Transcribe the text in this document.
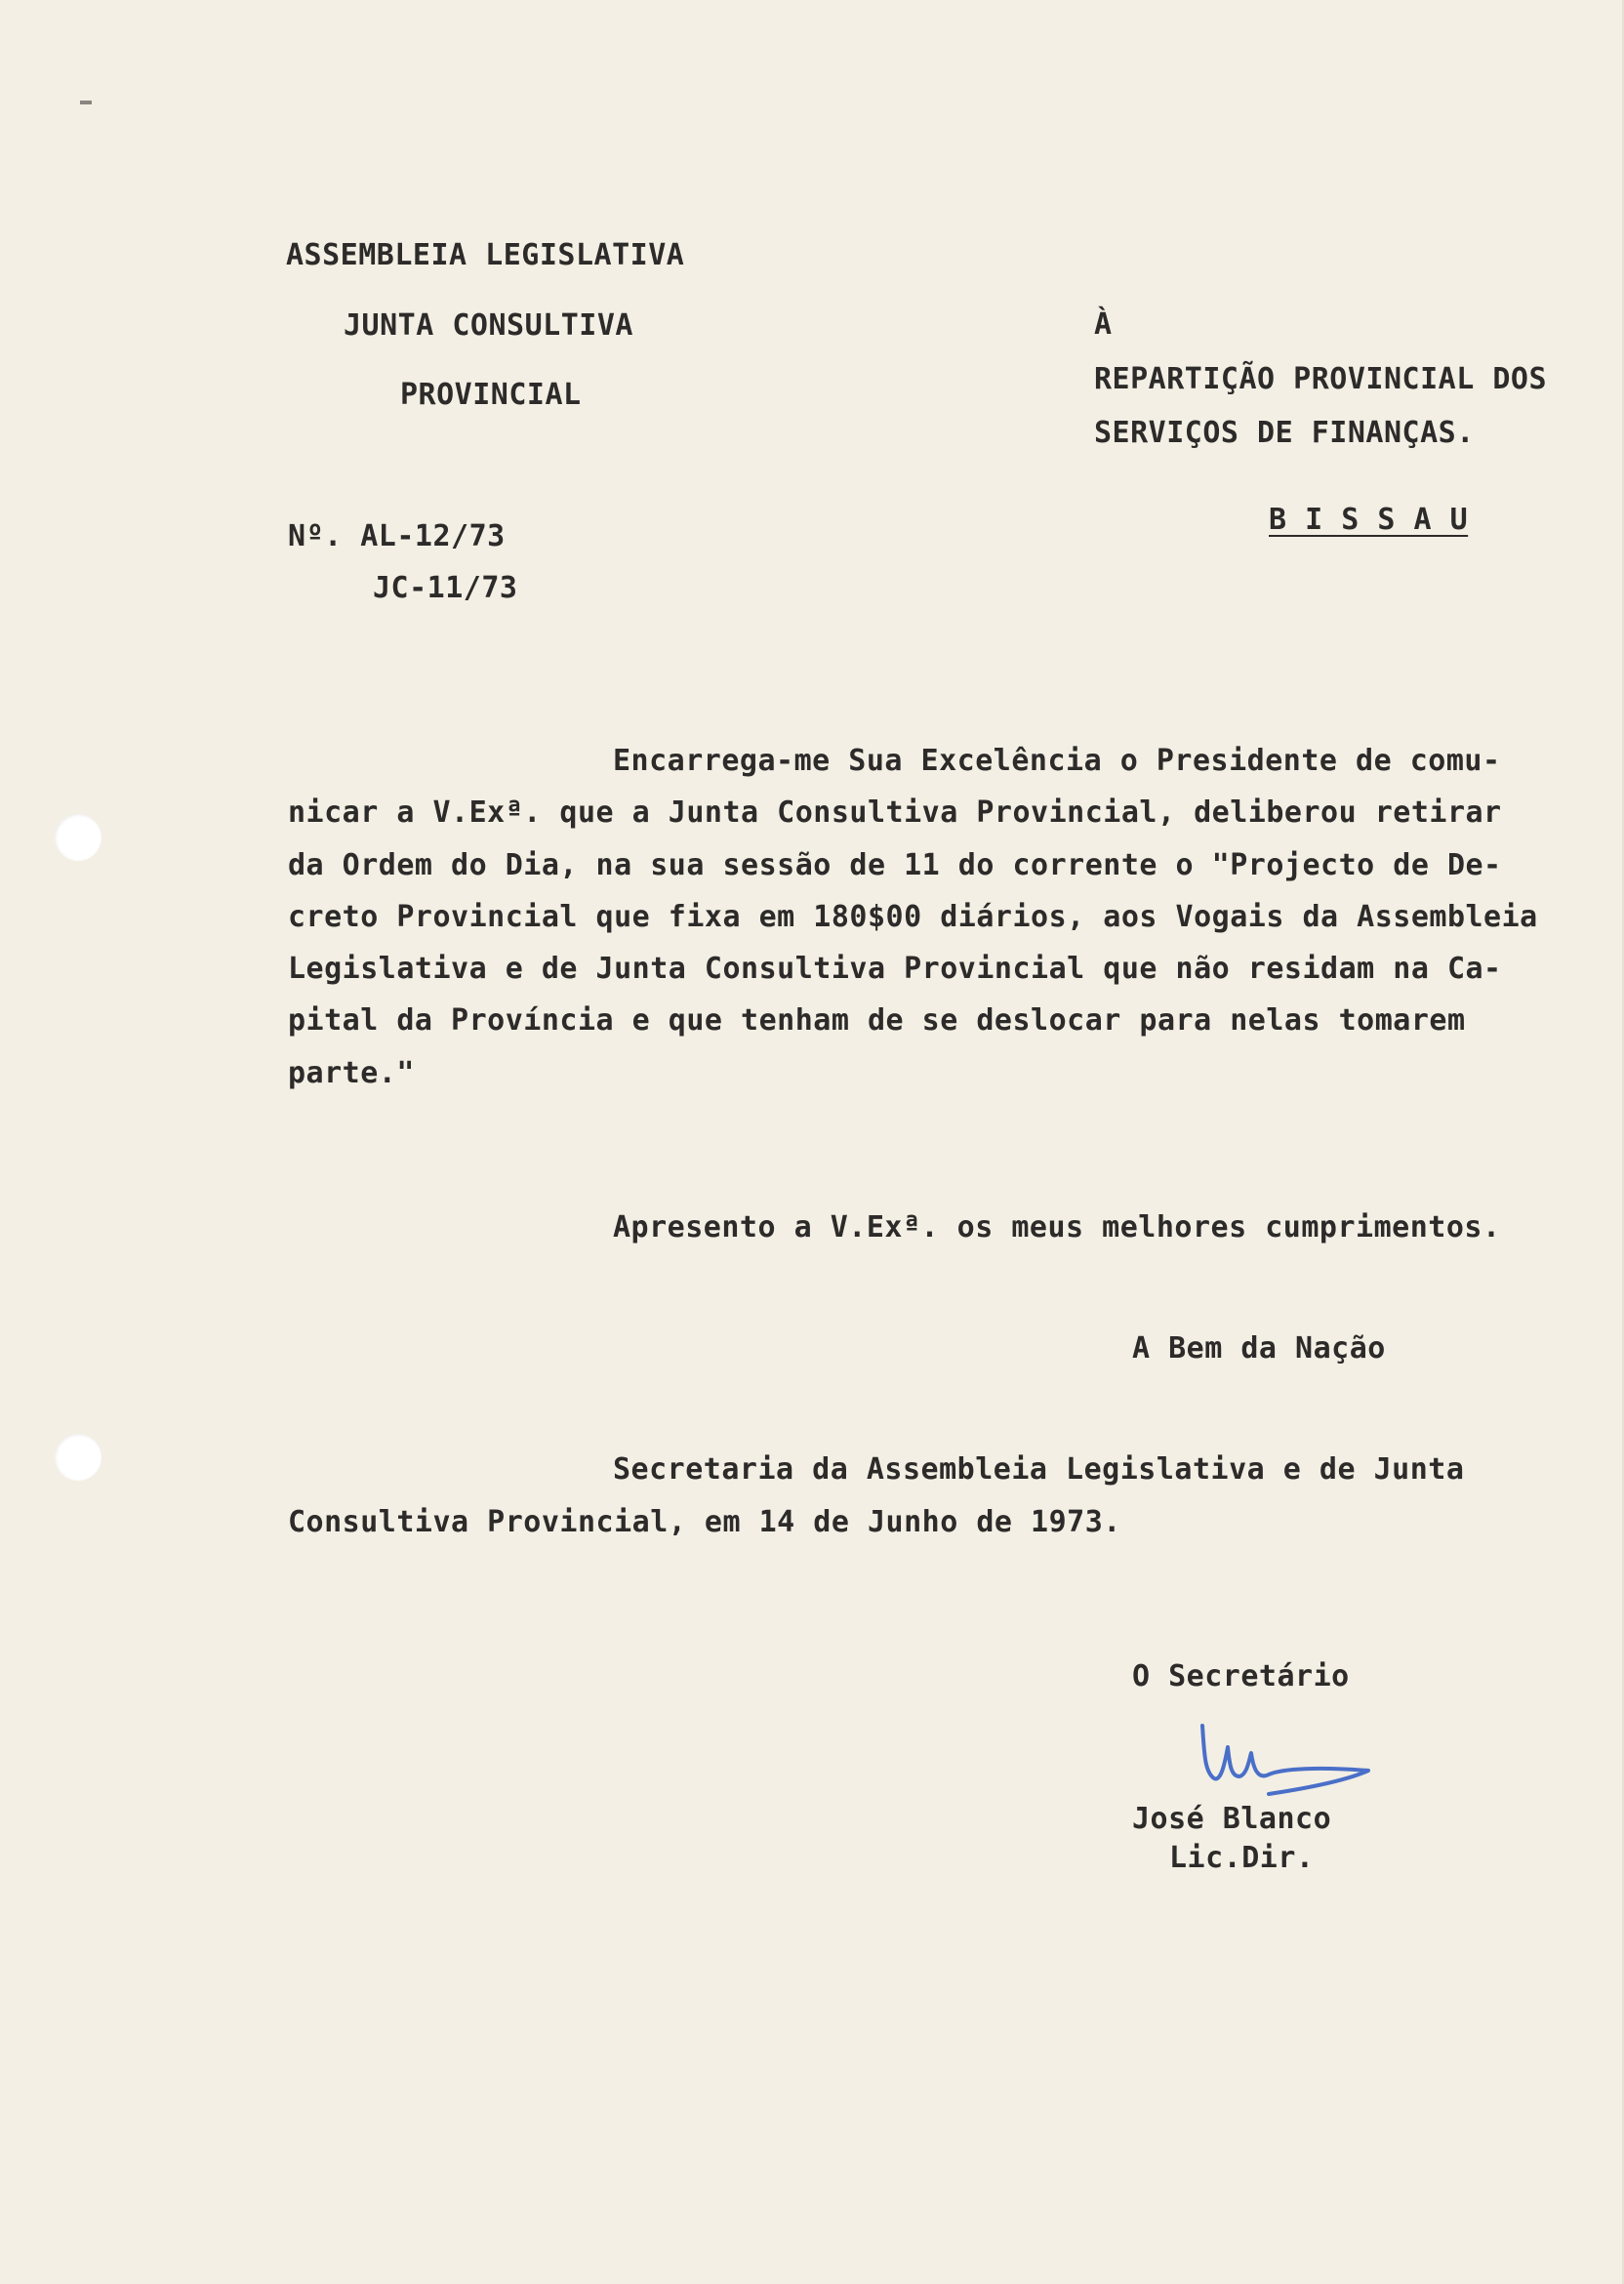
ASSEMBLEIA LEGISLATIVA

JUNTA CONSULTIVA

PROVINCIAL

Nº. AL-12/73

JC-11/73

À

REPARTIÇÃO PROVINCIAL DOS

SERVIÇOS DE FINANÇAS.

B I S S A U

Encarrega-me Sua Excelência o Presidente de comu-

nicar a V.Exª. que a Junta Consultiva Provincial, deliberou retirar

da Ordem do Dia, na sua sessão de 11 do corrente o "Projecto de De-

creto Provincial que fixa em 180$00 diários, aos Vogais da Assembleia

Legislativa e de Junta Consultiva Provincial que não residam na Ca-

pital da Província e que tenham de se deslocar para nelas tomarem

parte."

Apresento a V.Exª. os meus melhores cumprimentos.

A Bem da Nação

Secretaria da Assembleia Legislativa e de Junta

Consultiva Provincial, em 14 de Junho de 1973.

O Secretário

José Blanco

Lic.Dir.
